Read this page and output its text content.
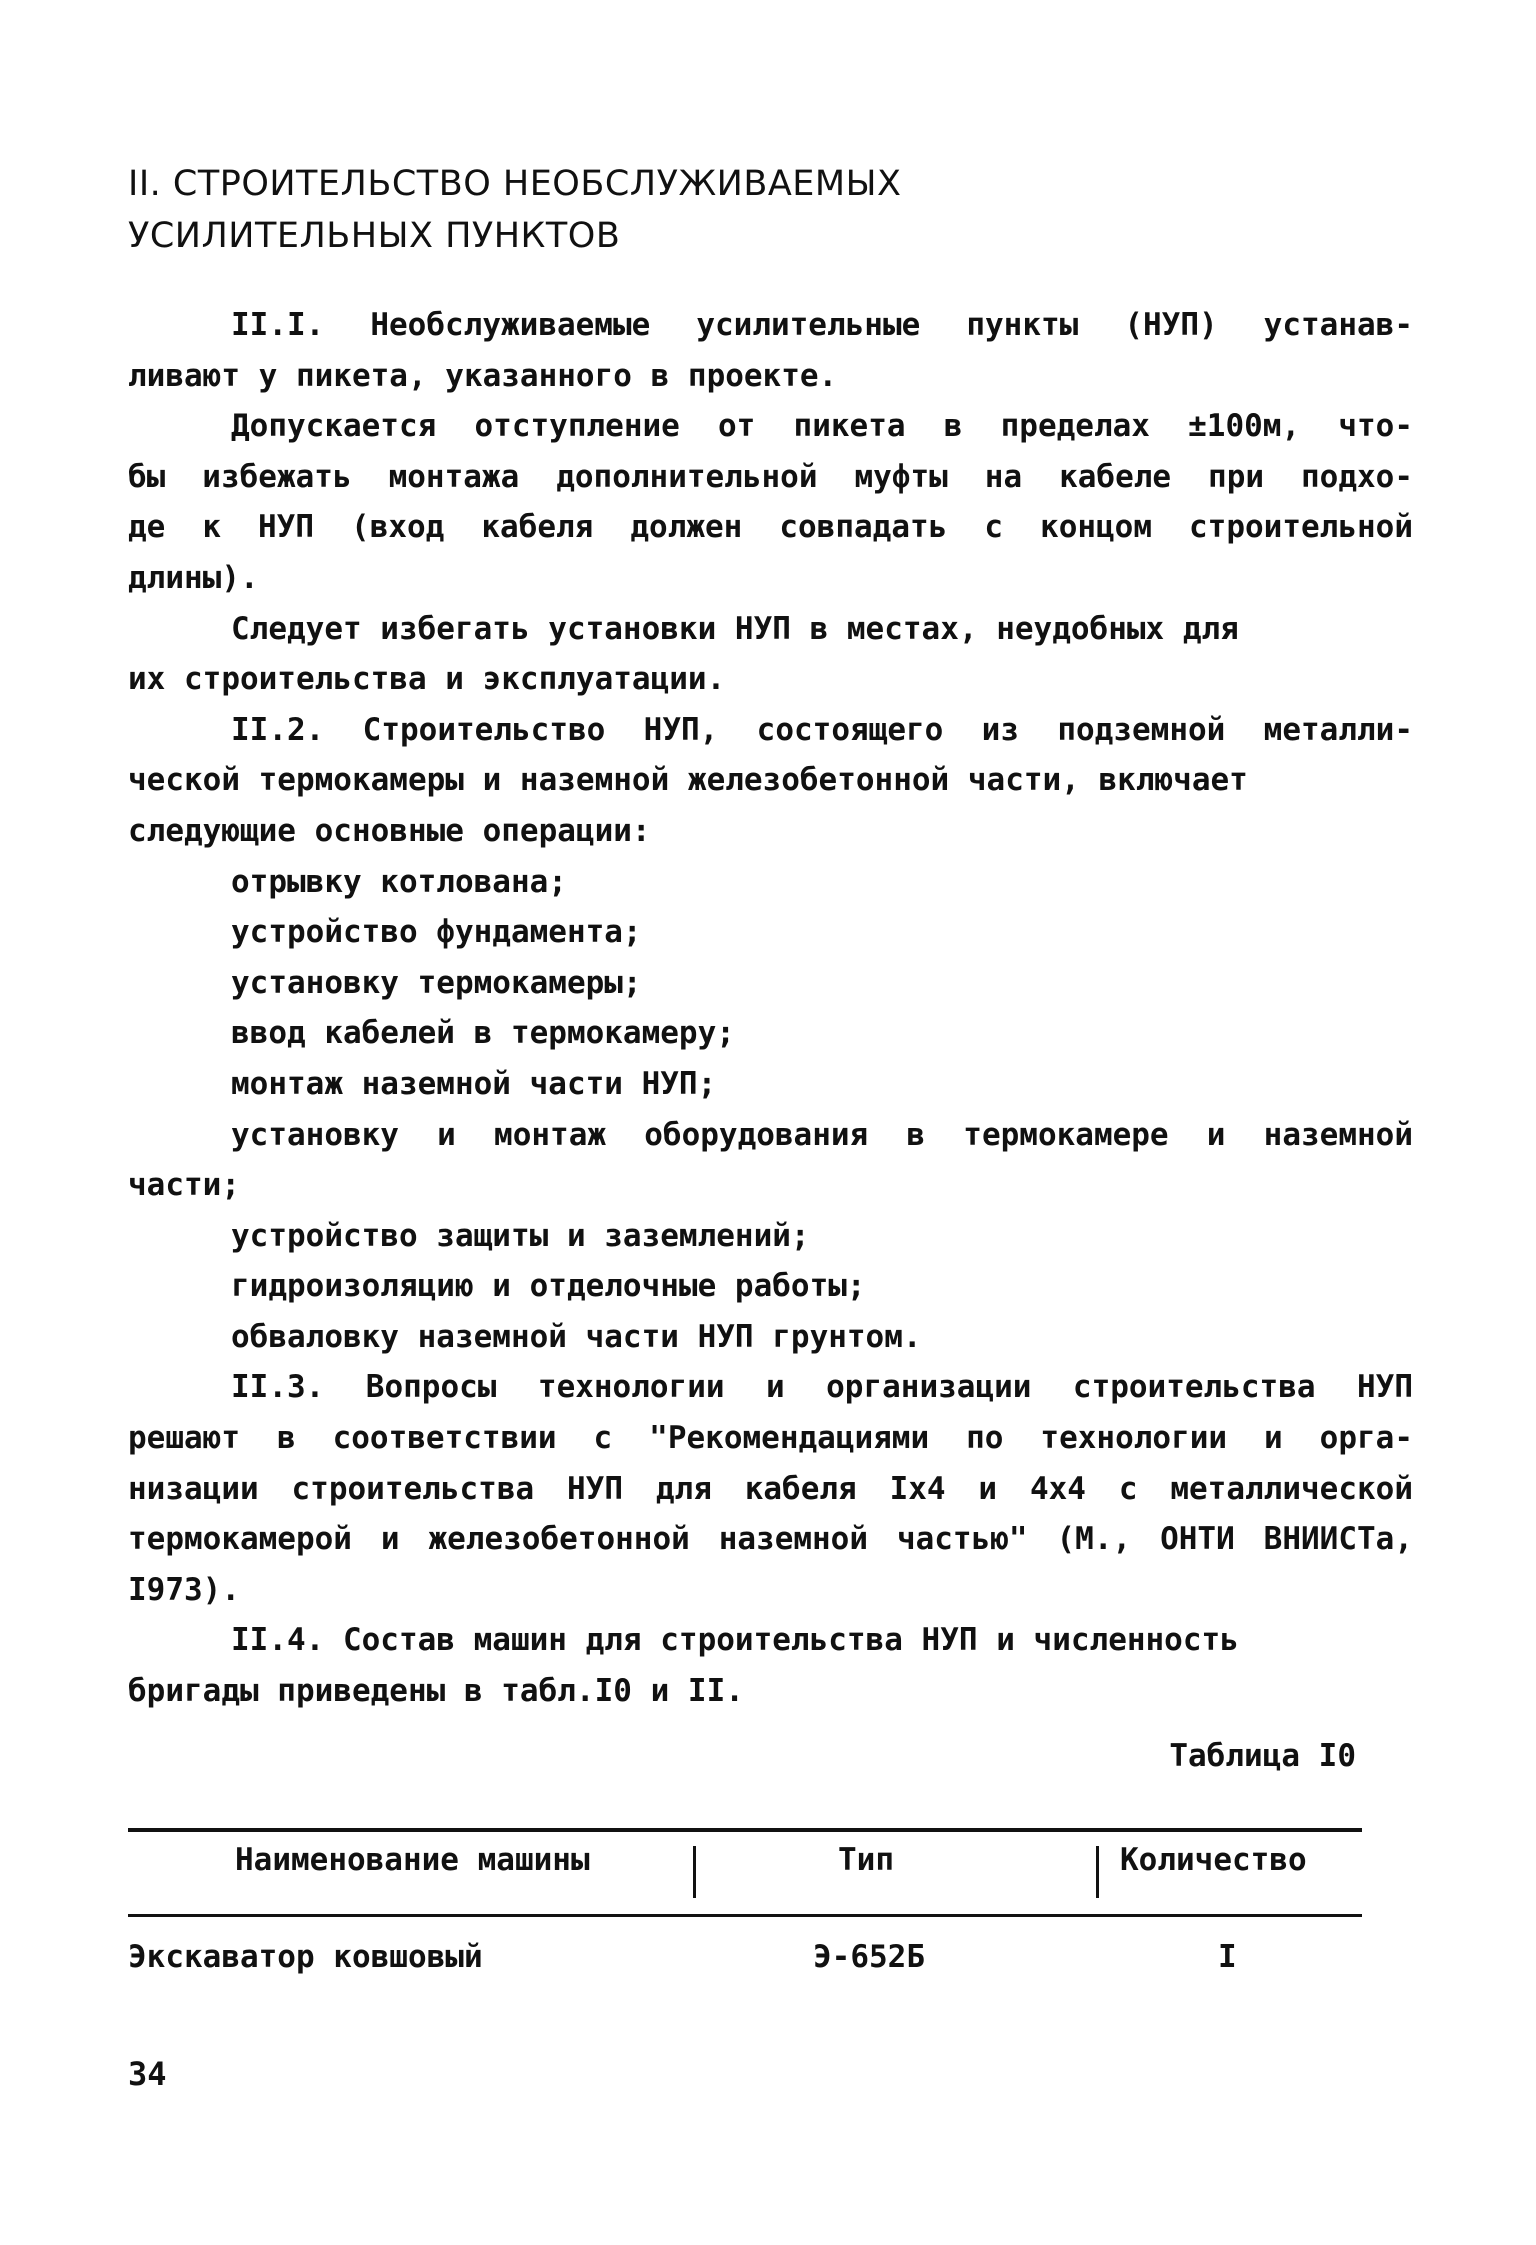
II. СТРОИТЕЛЬСТВО НЕОБСЛУЖИВАЕМЫХ
УСИЛИТЕЛЬНЫХ ПУНКТОВ
II.I. Необслуживаемые усилительные пункты (НУП) устанав-
ливают у пикета, указанного в проекте.
Допускается отступление от пикета в пределах ±100м, что-
бы избежать монтажа дополнительной муфты на кабеле при подхо-
де к НУП (вход кабеля должен совпадать с концом строительной
длины).
Следует избегать установки НУП в местах, неудобных для
их строительства и эксплуатации.
II.2. Строительство НУП, состоящего из подземной металли-
ческой термокамеры и наземной железобетонной части, включает
следующие основные операции:
отрывку котлована;
устройство фундамента;
установку термокамеры;
ввод кабелей в термокамеру;
монтаж наземной части НУП;
установку и монтаж оборудования в термокамере и наземной
части;
устройство защиты и заземлений;
гидроизоляцию и отделочные работы;
обваловку наземной части НУП грунтом.
II.3. Вопросы технологии и организации строительства НУП
решают в соответствии с "Рекомендациями по технологии и орга-
низации строительства НУП для кабеля Iх4 и 4х4 с металлической
термокамерой и железобетонной наземной частью" (М., ОНТИ ВНИИСТа,
I973).
II.4. Состав машин для строительства НУП и численность
бригады приведены в табл.I0 и II.
Таблица I0
Наименование машины	Тип	Количество
Экскаватор ковшовый	Э-652Б	I
34
